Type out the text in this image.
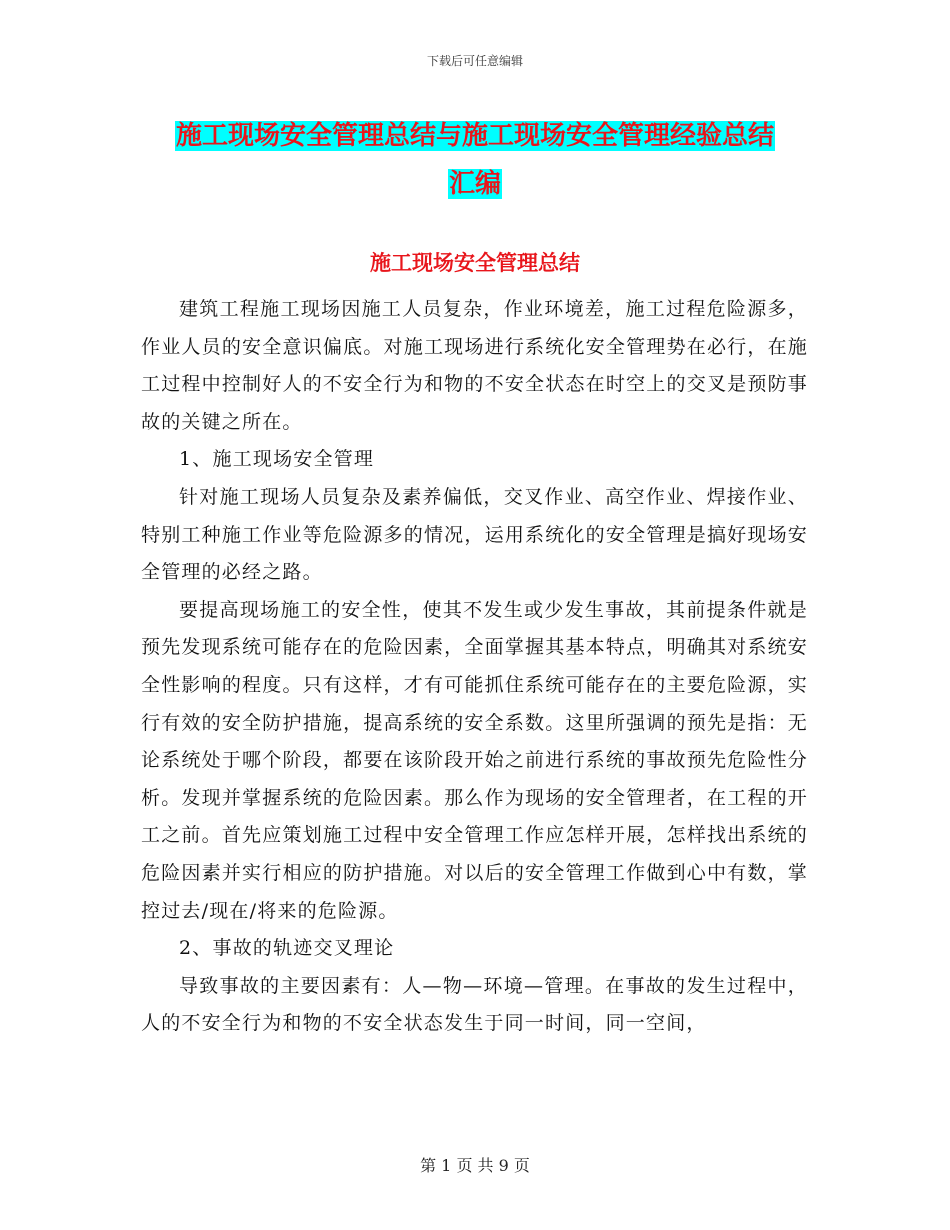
下载后可任意编辑
施工现场安全管理总结与施工现场安全管理经验总结
汇编
施工现场安全管理总结

建筑工程施工现场因施工人员复杂，作业环境差，施工过程危险源多，作业人员的安全意识偏底。对施工现场进行系统化安全管理势在必行，在施工过程中控制好人的不安全行为和物的不安全状态在时空上的交叉是预防事故的关键之所在。

1、施工现场安全管理

针对施工现场人员复杂及素养偏低，交叉作业、高空作业、焊接作业、特别工种施工作业等危险源多的情况，运用系统化的安全管理是搞好现场安全管理的必经之路。

要提高现场施工的安全性，使其不发生或少发生事故，其前提条件就是预先发现系统可能存在的危险因素，全面掌握其基本特点，明确其对系统安全性影响的程度。只有这样，才有可能抓住系统可能存在的主要危险源，实行有效的安全防护措施，提高系统的安全系数。这里所强调的预先是指：无论系统处于哪个阶段，都要在该阶段开始之前进行系统的事故预先危险性分析。发现并掌握系统的危险因素。那么作为现场的安全管理者，在工程的开工之前。首先应策划施工过程中安全管理工作应怎样开展，怎样找出系统的危险因素并实行相应的防护措施。对以后的安全管理工作做到心中有数，掌控过去/现在/将来的危险源。

2、事故的轨迹交叉理论

导致事故的主要因素有：人—物—环境—管理。在事故的发生过程中，人的不安全行为和物的不安全状态发生于同一时间，同一空间，

第 1 页 共 9 页
